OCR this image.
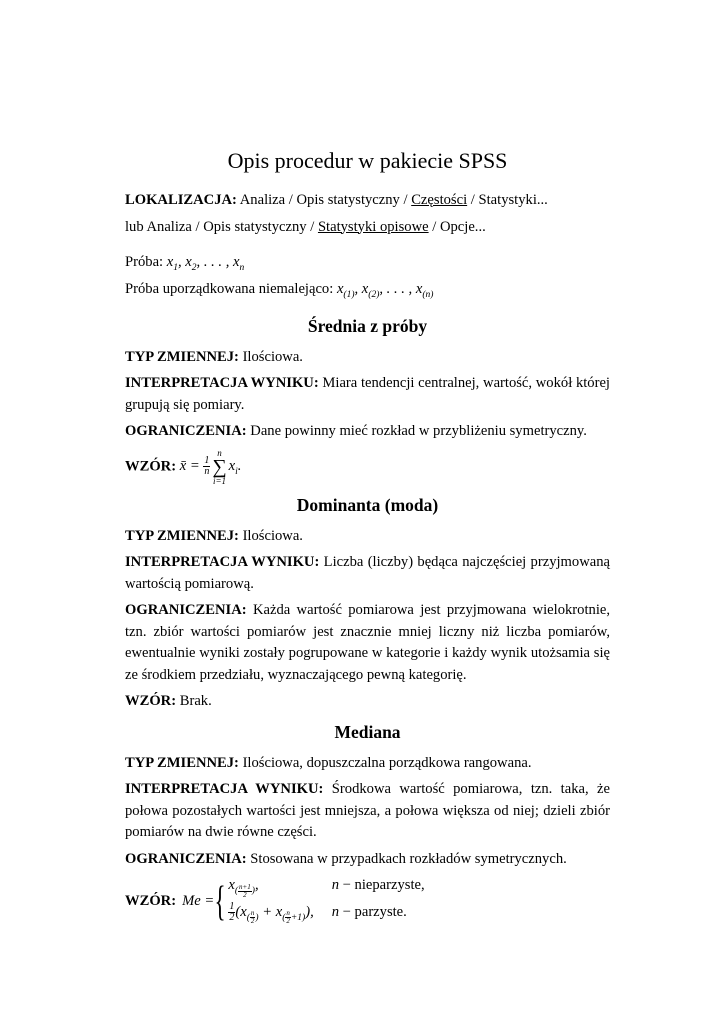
Opis procedur w pakiecie SPSS

LOKALIZACJA: Analiza / Opis statystyczny / Częstości / Statystyki...

lub Analiza / Opis statystyczny / Statystyki opisowe / Opcje...

Próba: $x_1$, $x_2$, . . . , $x_n$

Próba uporządkowana niemalejąco: $x_{(1)}$, $x_{(2)}$, . . . , $x_{(n)}$

Średnia z próby

TYP ZMIENNEJ: Ilościowa.

INTERPRETACJA WYNIKU: Miara tendencji centralnej, wartość, wokół której grupują się pomiary.

OGRANICZENIA: Dane powinny mieć rozkład w przybliżeniu symetryczny.

WZÓR: x̄ = $\frac{1}{n}$
n
∑
i=1
$x_i$.

Dominanta (moda)

TYP ZMIENNEJ: Ilościowa.

INTERPRETACJA WYNIKU: Liczba (liczby) będąca najczęściej przyjmowaną wartością pomiarową.

OGRANICZENIA: Każda wartość pomiarowa jest przyjmowana wielokrotnie, tzn. zbiór wartości pomiarów jest znacznie mniej liczny niż liczba pomiarów, ewentualnie wyniki zostały pogrupowane w kategorie i każdy wynik utożsamia się ze środkiem przedziału, wyznaczającego pewną kategorię.

WZÓR: Brak.

Mediana

TYP ZMIENNEJ: Ilościowa, dopuszczalna porządkowa rangowana.

INTERPRETACJA WYNIKU: Środkowa wartość pomiarowa, tzn. taka, że połowa pozostałych wartości jest mniejsza, a połowa większa od niej; dzieli zbiór pomiarów na dwie równe części.

OGRANICZENIA: Stosowana w przypadkach rozkładów symetrycznych.

WZÓR: Me = { $x_{( \frac{n+1}{2} )}$,	n − nieparzyste,
$\frac{1}{2} (x_{( \frac{n}{2} )} + x_{( \frac{n}{2} +1)})$, n − parzyste.
